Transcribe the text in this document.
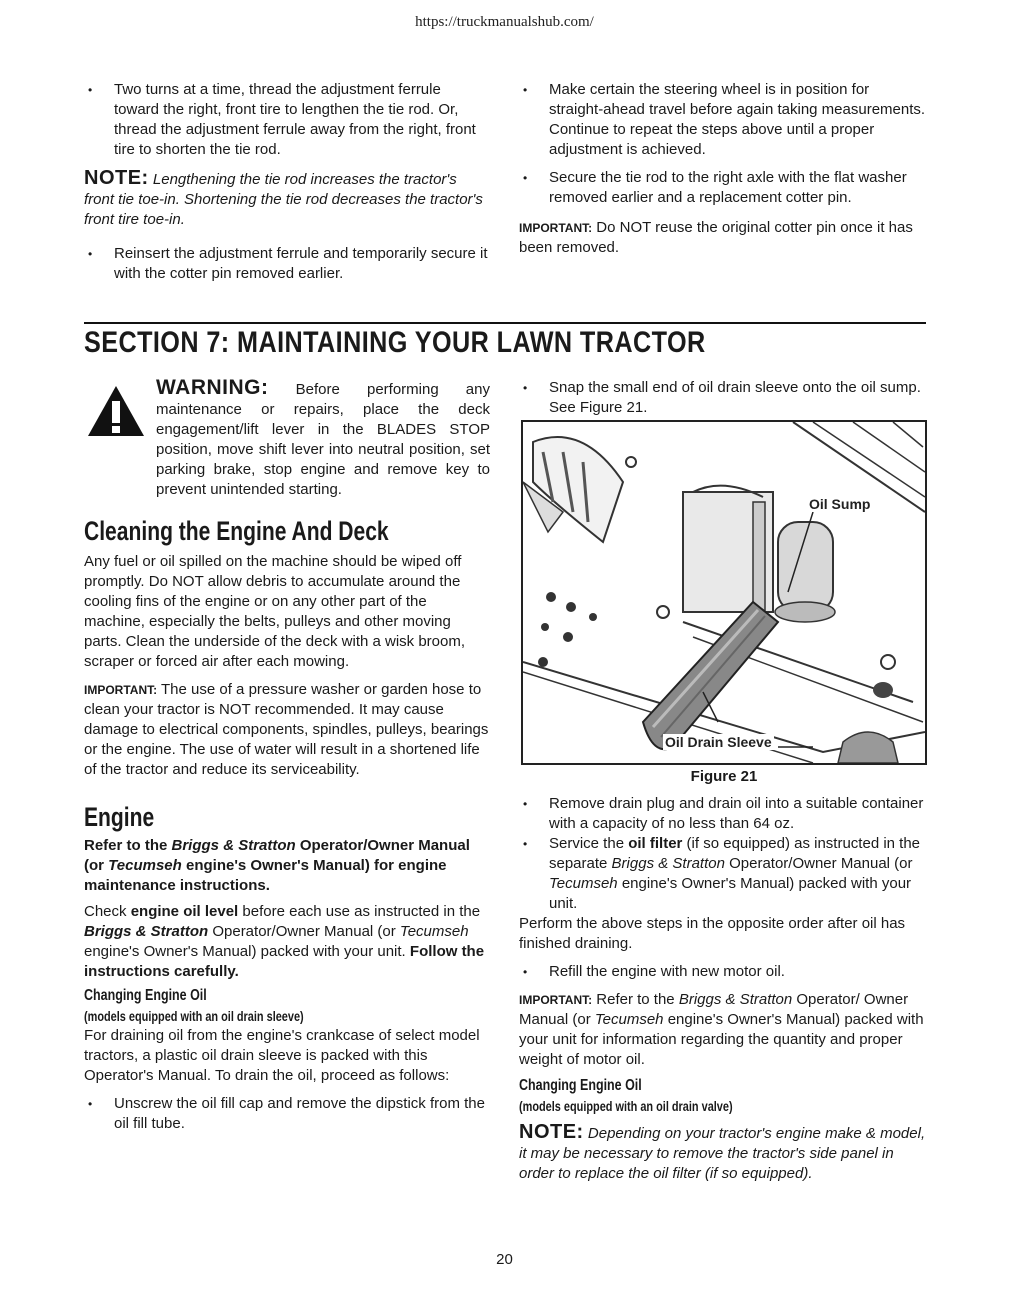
https://truckmanualshub.com/

• Two turns at a time, thread the adjustment ferrule toward the right, front tire to lengthen the tie rod. Or, thread the adjustment ferrule away from the right, front tire to shorten the tie rod.

NOTE: Lengthening the tie rod increases the tractor's front tie toe-in. Shortening the tie rod decreases the tractor's front tire toe-in.

• Reinsert the adjustment ferrule and temporarily secure it with the cotter pin removed earlier.

• Make certain the steering wheel is in position for straight-ahead travel before again taking measurements. Continue to repeat the steps above until a proper adjustment is achieved.

• Secure the tie rod to the right axle with the flat washer removed earlier and a replacement cotter pin.

IMPORTANT: Do NOT reuse the original cotter pin once it has been removed.

SECTION 7: MAINTAINING YOUR LAWN TRACTOR

WARNING: Before performing any maintenance or repairs, place the deck engagement/lift lever in the BLADES STOP position, move shift lever into neutral position, set parking brake, stop engine and remove key to prevent unintended starting.

Cleaning the Engine And Deck

Any fuel or oil spilled on the machine should be wiped off promptly. Do NOT allow debris to accumulate around the cooling fins of the engine or on any other part of the machine, especially the belts, pulleys and other moving parts. Clean the underside of the deck with a wisk broom, scraper or forced air after each mowing.

IMPORTANT: The use of a pressure washer or garden hose to clean your tractor is NOT recommended. It may cause damage to electrical components, spindles, pulleys, bearings or the engine. The use of water will result in a shortened life of the tractor and reduce its serviceability.

Engine

Refer to the Briggs & Stratton Operator/Owner Manual (or Tecumseh engine's Owner's Manual) for engine maintenance instructions.

Check engine oil level before each use as instructed in the Briggs & Stratton Operator/Owner Manual (or Tecumseh engine's Owner's Manual) packed with your unit. Follow the instructions carefully.

Changing Engine Oil

(models equipped with an oil drain sleeve)

For draining oil from the engine's crankcase of select model tractors, a plastic oil drain sleeve is packed with this Operator's Manual. To drain the oil, proceed as follows:

• Unscrew the oil fill cap and remove the dipstick from the oil fill tube.

• Snap the small end of oil drain sleeve onto the oil sump. See Figure 21.

Oil Sump
Oil Drain Sleeve
Figure 21

• Remove drain plug and drain oil into a suitable container with a capacity of no less than 64 oz.

• Service the oil filter (if so equipped) as instructed in the separate Briggs & Stratton Operator/Owner Manual (or Tecumseh engine's Owner's Manual) packed with your unit.

Perform the above steps in the opposite order after oil has finished draining.

• Refill the engine with new motor oil.

IMPORTANT: Refer to the Briggs & Stratton Operator/ Owner Manual (or Tecumseh engine's Owner's Manual) packed with your unit for information regarding the quantity and proper weight of motor oil.

Changing Engine Oil

(models equipped with an oil drain valve)

NOTE: Depending on your tractor's engine make & model, it may be necessary to remove the tractor's side panel in order to replace the oil filter (if so equipped).

20
